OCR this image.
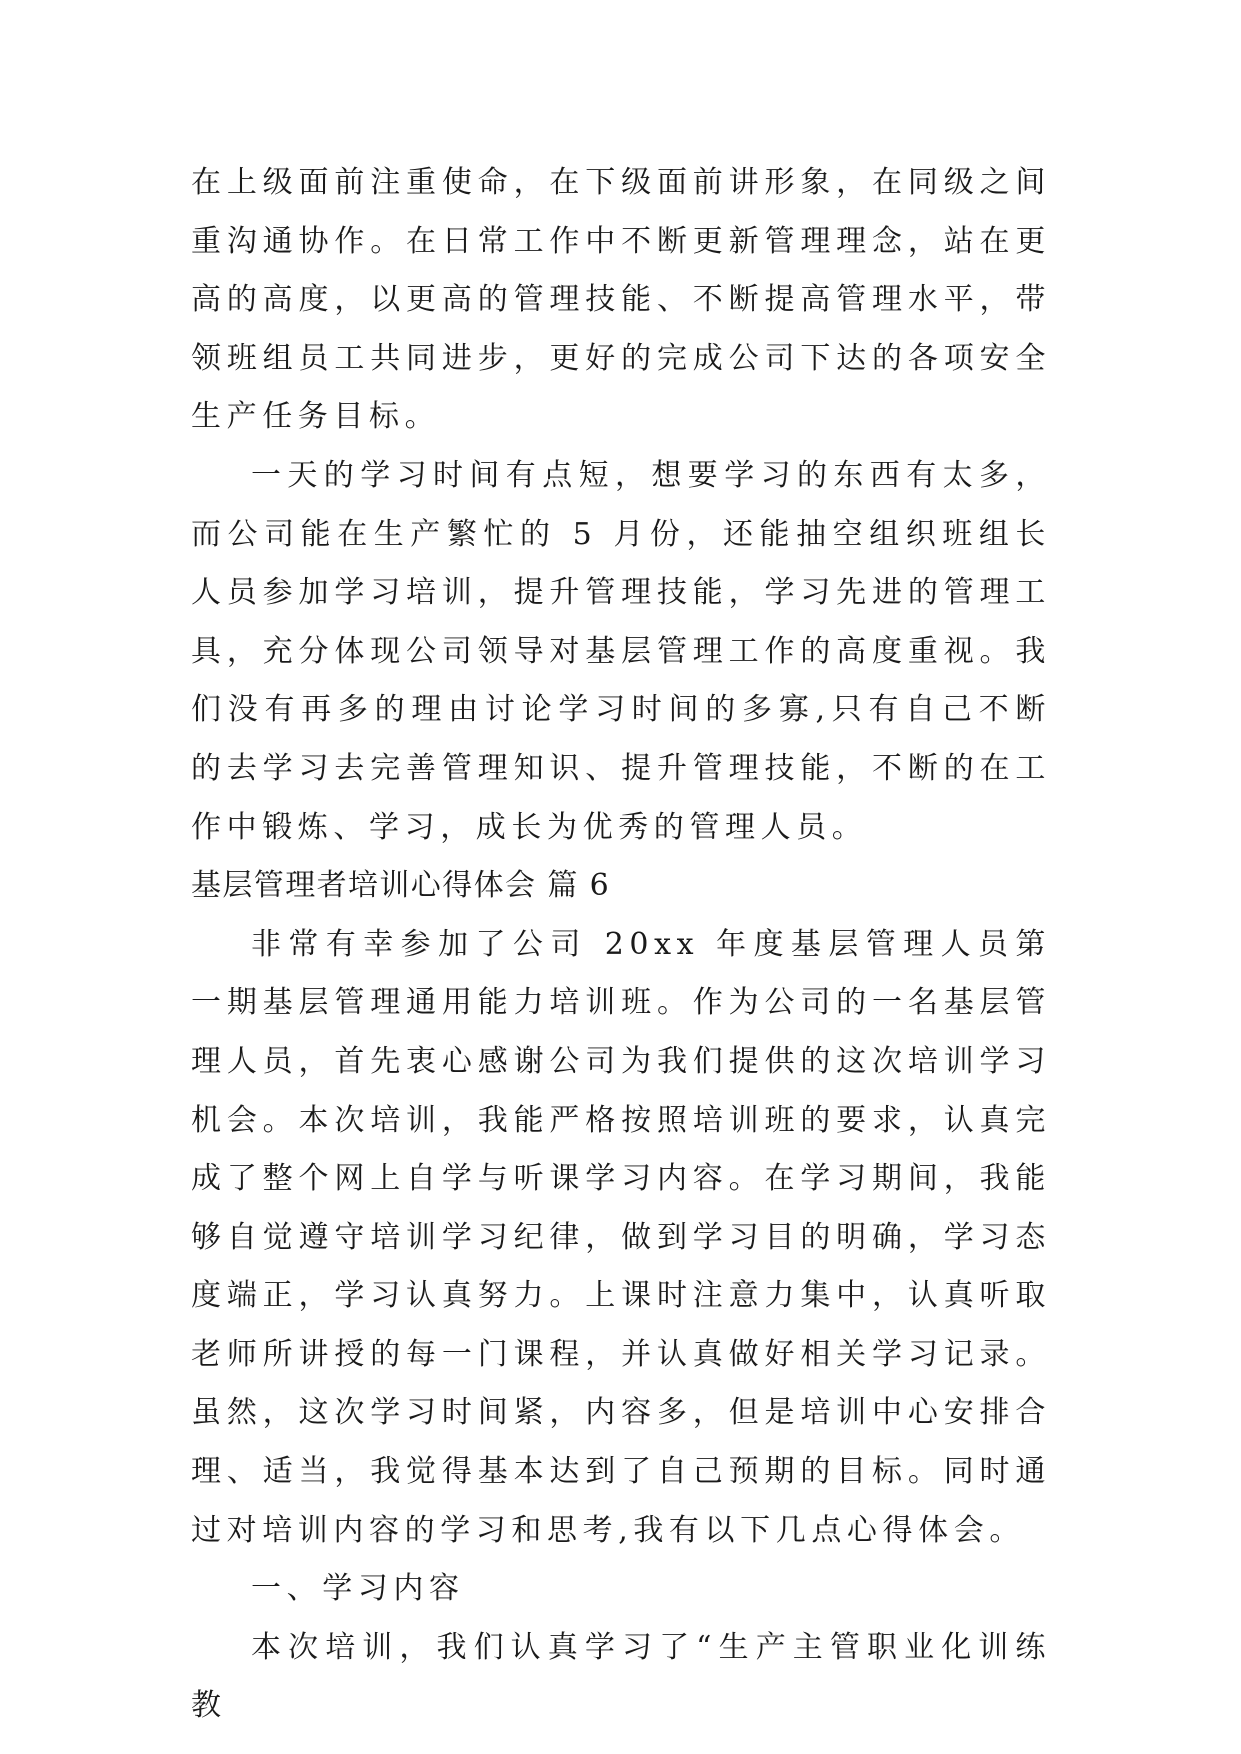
在上级面前注重使命，在下级面前讲形象，在同级之间重沟通协作。在日常工作中不断更新管理理念，站在更高的高度，以更高的管理技能、不断提高管理水平，带领班组员工共同进步，更好的完成公司下达的各项安全生产任务目标。

一天的学习时间有点短，想要学习的东西有太多，而公司能在生产繁忙的 5 月份，还能抽空组织班组长人员参加学习培训，提升管理技能，学习先进的管理工具，充分体现公司领导对基层管理工作的高度重视。我们没有再多的理由讨论学习时间的多寡,只有自己不断的去学习去完善管理知识、提升管理技能，不断的在工作中锻炼、学习，成长为优秀的管理人员。

基层管理者培训心得体会 篇 6

非常有幸参加了公司 20xx 年度基层管理人员第一期基层管理通用能力培训班。作为公司的一名基层管理人员，首先衷心感谢公司为我们提供的这次培训学习机会。本次培训，我能严格按照培训班的要求，认真完成了整个网上自学与听课学习内容。在学习期间，我能够自觉遵守培训学习纪律，做到学习目的明确，学习态度端正，学习认真努力。上课时注意力集中，认真听取老师所讲授的每一门课程，并认真做好相关学习记录。虽然，这次学习时间紧，内容多，但是培训中心安排合理、适当，我觉得基本达到了自己预期的目标。同时通过对培训内容的学习和思考,我有以下几点心得体会。

一、学习内容

本次培训，我们认真学习了“生产主管职业化训练教
